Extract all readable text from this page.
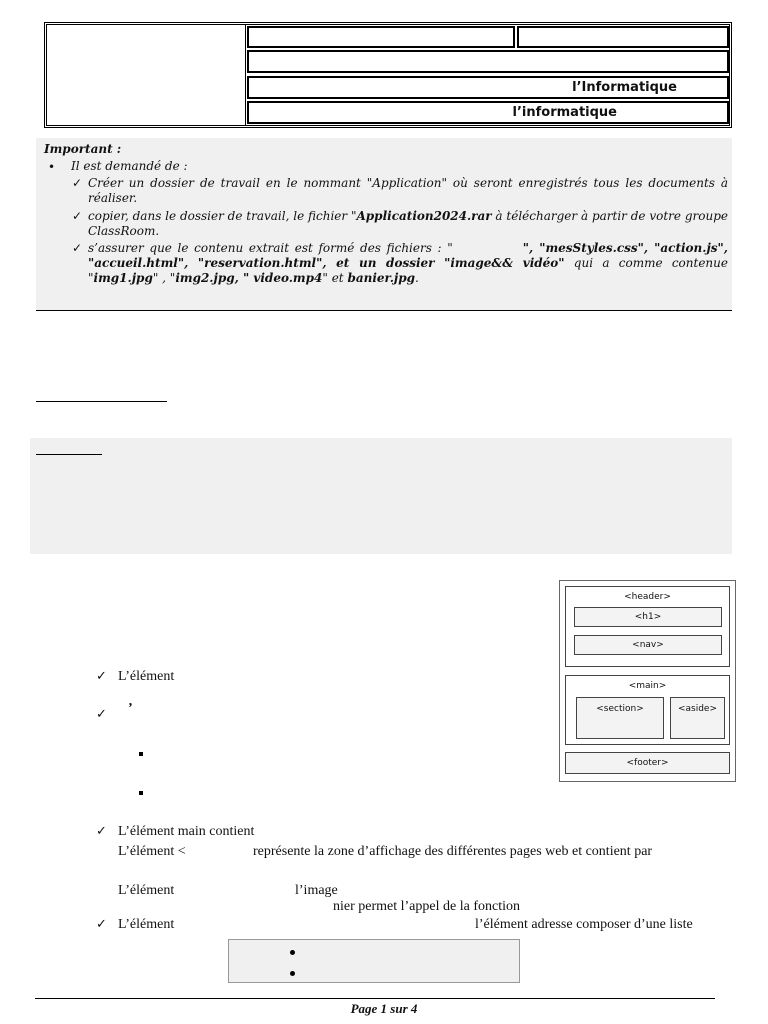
l’Informatique
l’informatique
Important :
• Il est demandé de :
✓ Créer un dossier de travail en le nommant "Application" où seront enregistrés tous les documents à réaliser.
✓ copier, dans le dossier de travail, le fichier "Application2024.rar à télécharger à partir de votre groupe ClassRoom.
✓ s’assurer que le contenu extrait est formé des fichiers : "	", "mesStyles.css", "action.js", "accueil.html", "reservation.html", et un dossier "image&& vidéo" qui a comme contenue "img1.jpg" , "img2.jpg, " video.mp4" et banier.jpg.
<header>
<h1>
<nav>
<main>
<section>	<aside>
<footer>
✓ L’élément
✓ ’
✓ L’élément main contient
L’élément <	représente la zone d’affichage des différentes pages web et contient par
L’élément	l’image
nier permet l’appel de la fonction
✓ L’élément	l’élément adresse composer d’une liste
Page 1 sur 4
